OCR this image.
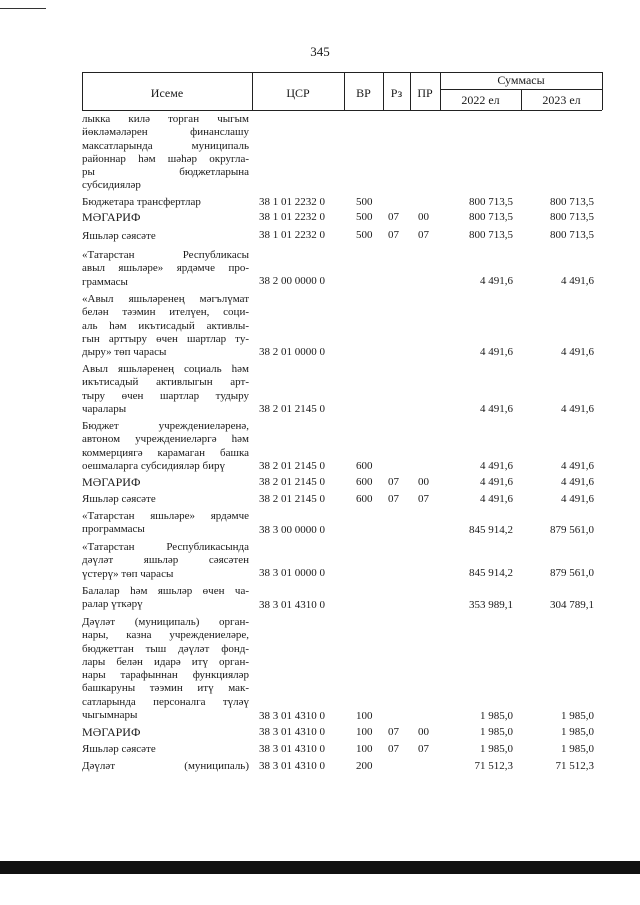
345
Исеме	ЦСР	ВР	Рз	ПР
Суммасы
2022 ел	2023 ел
лыкка килә торган чыгым
йөкләмәләрен финанслашу
максатларында муниципаль
районнар һәм шәһәр округла-
ры бюджетларына
субсидияләр
Бюджетара трансфертлар	38 1 01 2232 0	500	800 713,5	800 713,5
МӘГАРИФ	38 1 01 2232 0	500 07 00	800 713,5	800 713,5
Яшьләр сәясәте	38 1 01 2232 0	500 07 07	800 713,5	800 713,5
«Татарстан Республикасы
авыл яшьләре» ярдәмче про-
граммасы	38 2 00 0000 0	4 491,6	4 491,6
«Авыл яшьләренең мәгълүмат
белән тәэмин ителүен, соци-
аль һәм икътисадый активлы-
гын арттыру өчен шартлар ту-
дыру» төп чарасы	38 2 01 0000 0	4 491,6	4 491,6
Авыл яшьләренең социаль һәм
икътисадый активлыгын арт-
тыру өчен шартлар тудыру
чаралары	38 2 01 2145 0	4 491,6	4 491,6
Бюджет учреждениеләренә,
автоном учреждениеләргә һәм
коммерциягә карамаган башка
оешмаларга субсидияләр бирү	38 2 01 2145 0	600	4 491,6	4 491,6
МӘГАРИФ	38 2 01 2145 0	600 07 00	4 491,6	4 491,6
Яшьләр сәясәте	38 2 01 2145 0	600 07 07	4 491,6	4 491,6
«Татарстан яшьләре» ярдәмче
программасы	38 3 00 0000 0	845 914,2	879 561,0
«Татарстан Республикасында
дәүләт яшьләр сәясәтен
үстерү» төп чарасы	38 3 01 0000 0	845 914,2	879 561,0
Балалар һәм яшьләр өчен ча-
ралар үткәрү	38 3 01 4310 0	353 989,1	304 789,1
Дәүләт (муниципаль) орган-
нары, казна учреждениеләре,
бюджеттан тыш дәүләт фонд-
лары белән идарә итү орган-
нары тарафыннан функцияләр
башкаруны тәэмин итү мак-
сатларында персоналга түләү
чыгымнары	38 3 01 4310 0	100	1 985,0	1 985,0
МӘГАРИФ	38 3 01 4310 0	100 07 00	1 985,0	1 985,0
Яшьләр сәясәте	38 3 01 4310 0	100 07 07	1 985,0	1 985,0
Дәүләт (муниципаль) 38 3 01 4310 0	200	71 512,3	71 512,3
